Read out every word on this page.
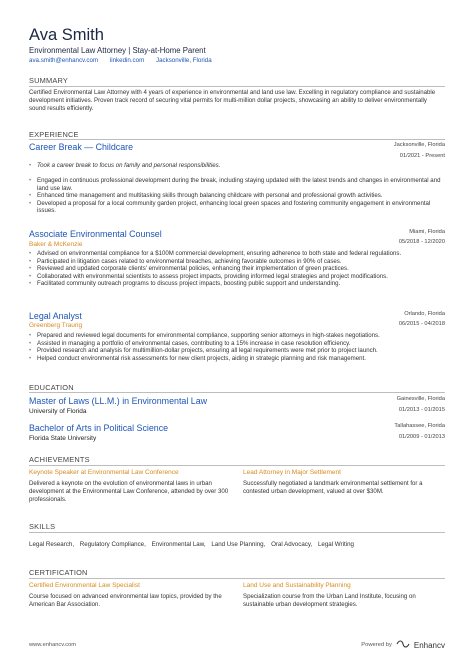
Ava Smith
Environmental Law Attorney | Stay-at-Home Parent
ava.smith@enhancv.com linkedin.com Jacksonville, Florida
SUMMARY
Certified Environmental Law Attorney with 4 years of experience in environmental and land use law. Excelling in regulatory compliance and sustainable development initiatives. Proven track record of securing vital permits for multi-million dollar projects, showcasing an ability to deliver environmentally sound results efficiently.
EXPERIENCE
Career Break — Childcare	Jacksonville, Florida
01/2021 - Present
• Took a career break to focus on family and personal responsibilities.
• Engaged in continuous professional development during the break, including staying updated with the latest trends and changes in environmental and land use law.
• Enhanced time management and multitasking skills through balancing childcare with personal and professional growth activities.
• Developed a proposal for a local community garden project, enhancing local green spaces and fostering community engagement in environmental issues.
Associate Environmental Counsel
Baker & McKenzie
Miami, Florida
05/2018 - 12/2020
• Advised on environmental compliance for a $100M commercial development, ensuring adherence to both state and federal regulations.
• Participated in litigation cases related to environmental breaches, achieving favorable outcomes in 90% of cases.
• Reviewed and updated corporate clients' environmental policies, enhancing their implementation of green practices.
• Collaborated with environmental scientists to assess project impacts, providing informed legal strategies and project modifications.
• Facilitated community outreach programs to discuss project impacts, boosting public support and understanding.
Legal Analyst
Greenberg Traurig
Orlando, Florida
06/2015 - 04/2018
• Prepared and reviewed legal documents for environmental compliance, supporting senior attorneys in high-stakes negotiations.
• Assisted in managing a portfolio of environmental cases, contributing to a 15% increase in case resolution efficiency.
• Provided research and analysis for multimillion-dollar projects, ensuring all legal requirements were met prior to project launch.
• Helped conduct environmental risk assessments for new client projects, aiding in strategic planning and risk management.
EDUCATION
Master of Laws (LL.M.) in Environmental Law
University of Florida
Gainesville, Florida
01/2013 - 01/2015
Bachelor of Arts in Political Science
Florida State University
Tallahassee, Florida
01/2009 - 01/2013
ACHIEVEMENTS
Keynote Speaker at Environmental Law Conference
Delivered a keynote on the evolution of environmental laws in urban development at the Environmental Law Conference, attended by over 300 professionals.
Lead Attorney in Major Settlement
Successfully negotiated a landmark environmental settlement for a contested urban development, valued at over $30M.
SKILLS
Legal Research, Regulatory Compliance, Environmental Law, Land Use Planning, Oral Advocacy, Legal Writing
CERTIFICATION
Certified Environmental Law Specialist
Course focused on advanced environmental law topics, provided by the American Bar Association.
Land Use and Sustainability Planning
Specialization course from the Urban Land Institute, focusing on sustainable urban development strategies.
www.enhancv.com	Powered by	Enhancv
